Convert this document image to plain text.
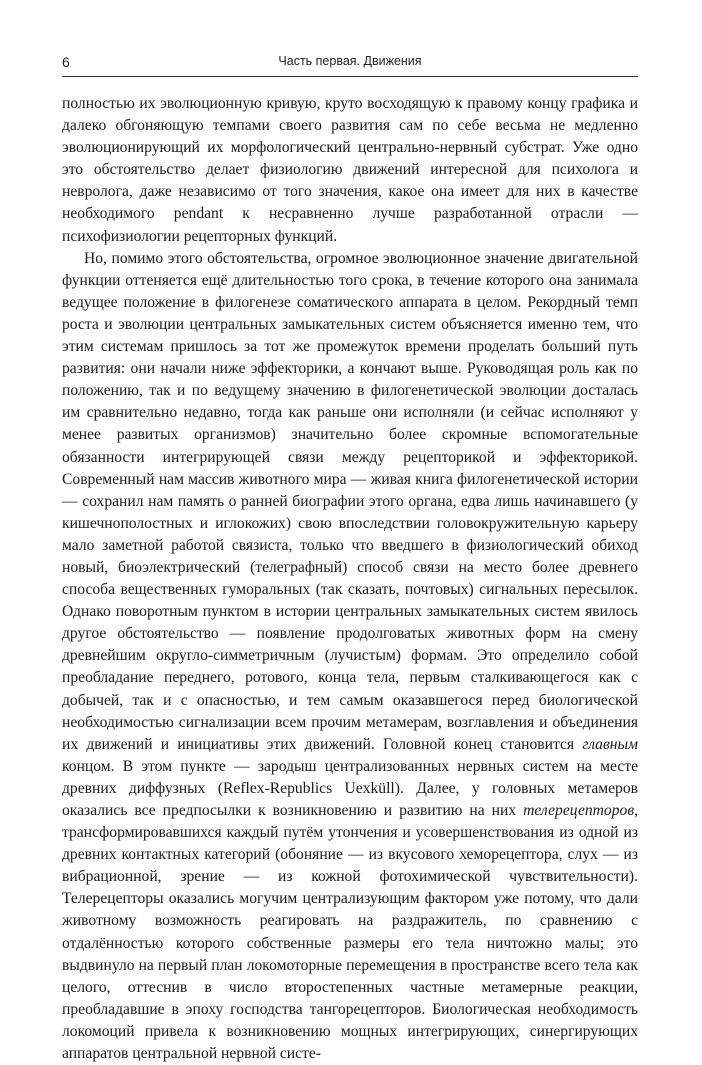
6	Часть первая. Движения

полностью их эволюционную кривую, круто восходящую к правому концу графика и далеко обгоняющую темпами своего развития сам по себе весьма не медленно эволюционирующий их морфологический центрально-нервный субстрат. Уже одно это обстоятельство делает физиологию движений интересной для психолога и невролога, даже независимо от того значения, какое она имеет для них в качестве необходимого pendant к несравненно лучше разработанной отрасли — психофизиологии рецепторных функций.

Но, помимо этого обстоятельства, огромное эволюционное значение двигательной функции оттеняется ещё длительностью того срока, в течение которого она занимала ведущее положение в филогенезе соматического аппарата в целом. Рекордный темп роста и эволюции центральных замыкательных систем объясняется именно тем, что этим системам пришлось за тот же промежуток времени проделать больший путь развития: они начали ниже эффекторики, а кончают выше. Руководящая роль как по положению, так и по ведущему значению в филогенетической эволюции досталась им сравнительно недавно, тогда как раньше они исполняли (и сейчас исполняют у менее развитых организмов) значительно более скромные вспомогательные обязанности интегрирующей связи между рецепторикой и эффекторикой. Современный нам массив животного мира — живая книга филогенетической истории — сохранил нам память о ранней биографии этого органа, едва лишь начинавшего (у кишечнополостных и иглокожих) свою впоследствии головокружительную карьеру мало заметной работой связиста, только что введшего в физиологический обиход новый, биоэлектрический (телеграфный) способ связи на место более древнего способа вещественных гуморальных (так сказать, почтовых) сигнальных пересылок. Однако поворотным пунктом в истории центральных замыкательных систем явилось другое обстоятельство — появление продолговатых животных форм на смену древнейшим округло-симметричным (лучистым) формам. Это определило собой преобладание переднего, ротового, конца тела, первым сталкивающегося как с добычей, так и с опасностью, и тем самым оказавшегося перед биологической необходимостью сигнализации всем прочим метамерам, возглавления и объединения их движений и инициативы этих движений. Головной конец становится главным концом. В этом пункте — зародыш централизованных нервных систем на месте древних диффузных (Reflex-Republics Uexküll). Далее, у головных метамеров оказались все предпосылки к возникновению и развитию на них телерецепторов, трансформировавшихся каждый путём утончения и усовершенствования из одной из древних контактных категорий (обоняние — из вкусового хеморецептора, слух — из вибрационной, зрение — из кожной фотохимической чувствительности). Телерецепторы оказались могучим централизующим фактором уже потому, что дали животному возможность реагировать на раздражитель, по сравнению с отдалённостью которого собственные размеры его тела ничтожно малы; это выдвинуло на первый план локомоторные перемещения в пространстве всего тела как целого, оттеснив в число второстепенных частные метамерные реакции, преобладавшие в эпоху господства тангорецепторов. Биологическая необходимость локомоций привела к возникновению мощных интегрирующих, синергирующих аппаратов центральной нервной систе-
